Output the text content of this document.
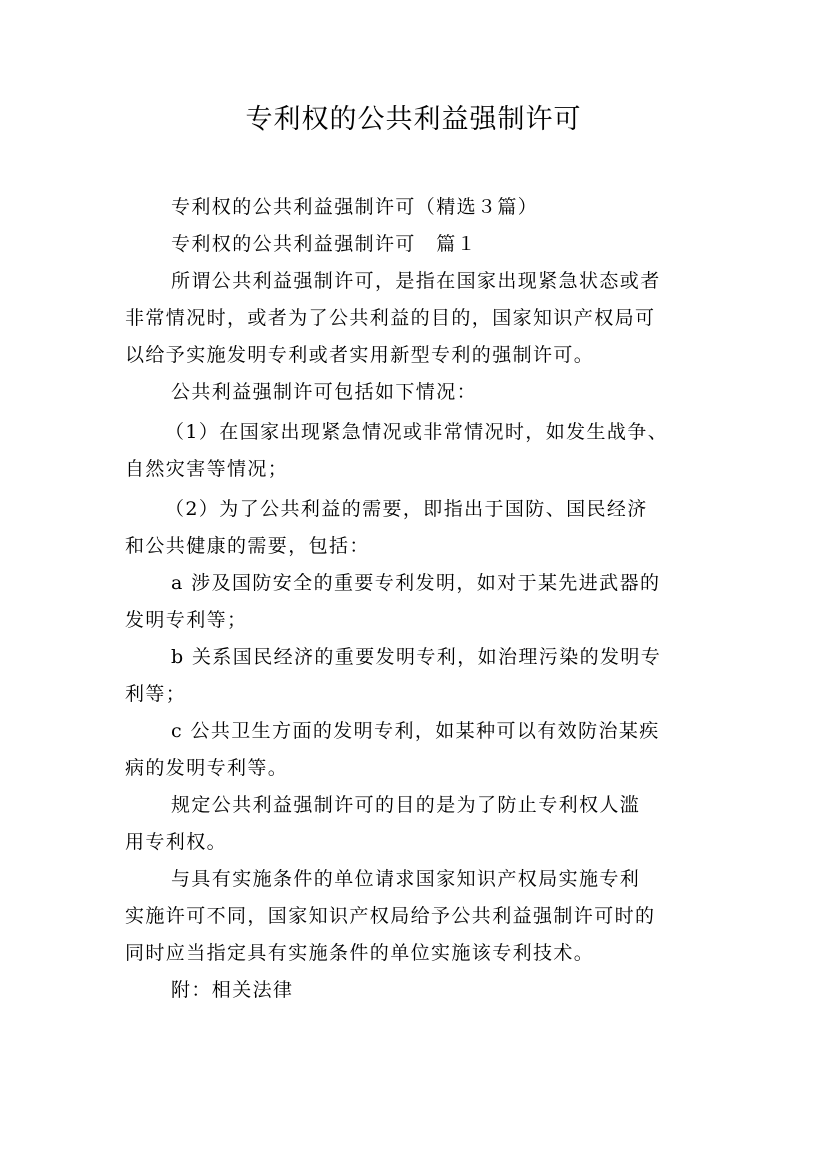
专利权的公共利益强制许可
专利权的公共利益强制许可（精选３篇）
专利权的公共利益强制许可　篇１
所谓公共利益强制许可，是指在国家出现紧急状态或者
非常情况时，或者为了公共利益的目的，国家知识产权局可
以给予实施发明专利或者实用新型专利的强制许可。
公共利益强制许可包括如下情况：
（1）在国家出现紧急情况或非常情况时，如发生战争、
自然灾害等情况；
（2）为了公共利益的需要，即指出于国防、国民经济
和公共健康的需要，包括：
a 涉及国防安全的重要专利发明，如对于某先进武器的
发明专利等；
b 关系国民经济的重要发明专利，如治理污染的发明专
利等；
c 公共卫生方面的发明专利，如某种可以有效防治某疾
病的发明专利等。
规定公共利益强制许可的目的是为了防止专利权人滥
用专利权。
与具有实施条件的单位请求国家知识产权局实施专利
实施许可不同，国家知识产权局给予公共利益强制许可时的
同时应当指定具有实施条件的单位实施该专利技术。
附：相关法律
